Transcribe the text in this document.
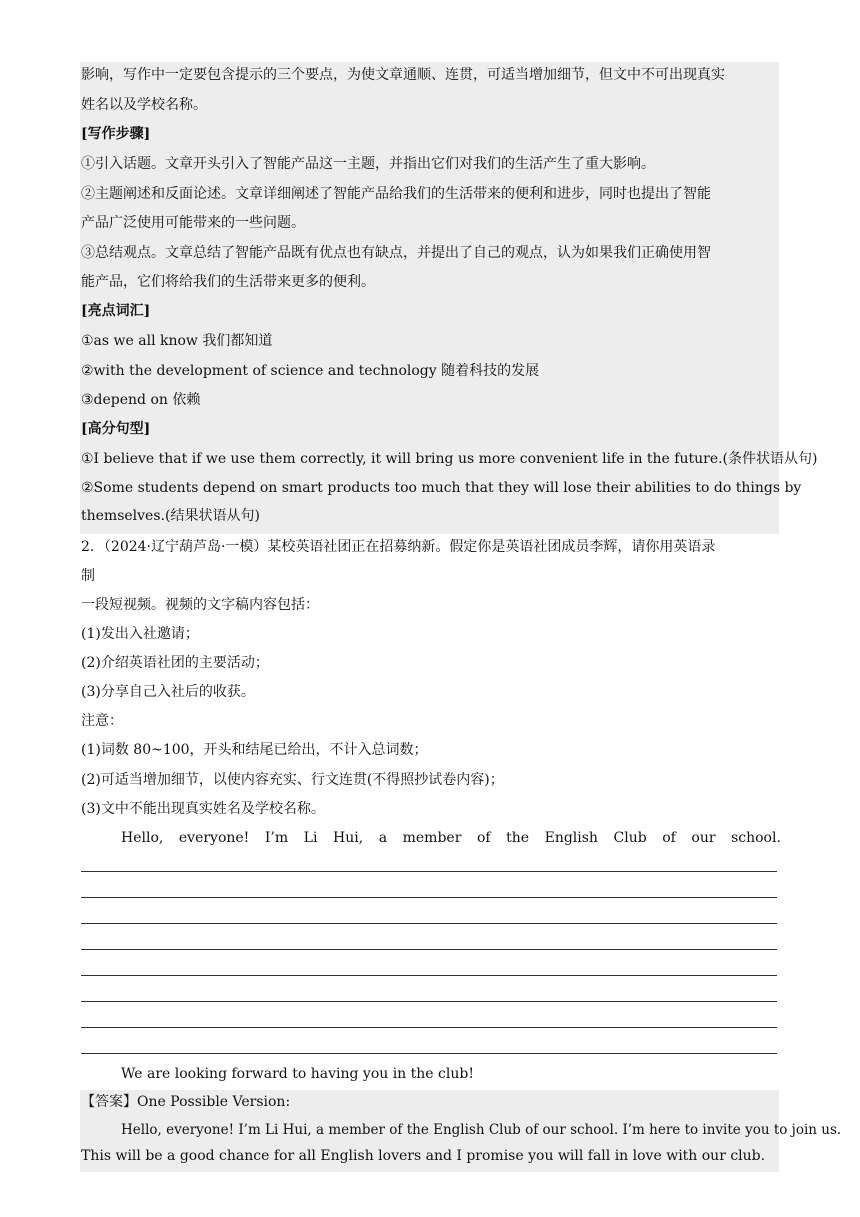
影响，写作中一定要包含提示的三个要点，为使文章通顺、连贯，可适当增加细节，但文中不可出现真实
姓名以及学校名称。
[写作步骤]
①引入话题。文章开头引入了智能产品这一主题，并指出它们对我们的生活产生了重大影响。
②主题阐述和反面论述。文章详细阐述了智能产品给我们的生活带来的便利和进步，同时也提出了智能
产品广泛使用可能带来的一些问题。
③总结观点。文章总结了智能产品既有优点也有缺点，并提出了自己的观点，认为如果我们正确使用智
能产品，它们将给我们的生活带来更多的便利。
[亮点词汇]
①as we all know 我们都知道
②with the development of science and technology 随着科技的发展
③depend on 依赖
[高分句型]
①I believe that if we use them correctly, it will bring us more convenient life in the future.(条件状语从句)
②Some students depend on smart products too much that they will lose their abilities to do things by
themselves.(结果状语从句)
2．（2024·辽宁葫芦岛·一模）某校英语社团正在招募纳新。假定你是英语社团成员李辉，请你用英语录
制
一段短视频。视频的文字稿内容包括：
(1)发出入社邀请；
(2)介绍英语社团的主要活动；
(3)分享自己入社后的收获。
注意：
(1)词数 80~100，开头和结尾已给出，不计入总词数；
(2)可适当增加细节，以使内容充实、行文连贯(不得照抄试卷内容)；
(3)文中不能出现真实姓名及学校名称。
Hello, everyone! I’m Li Hui, a member of the English Club of our school.
We are looking forward to having you in the club!
【答案】One Possible Version:
Hello, everyone! I’m Li Hui, a member of the English Club of our school. I’m here to invite you to join us.
This will be a good chance for all English lovers and I promise you will fall in love with our club.
